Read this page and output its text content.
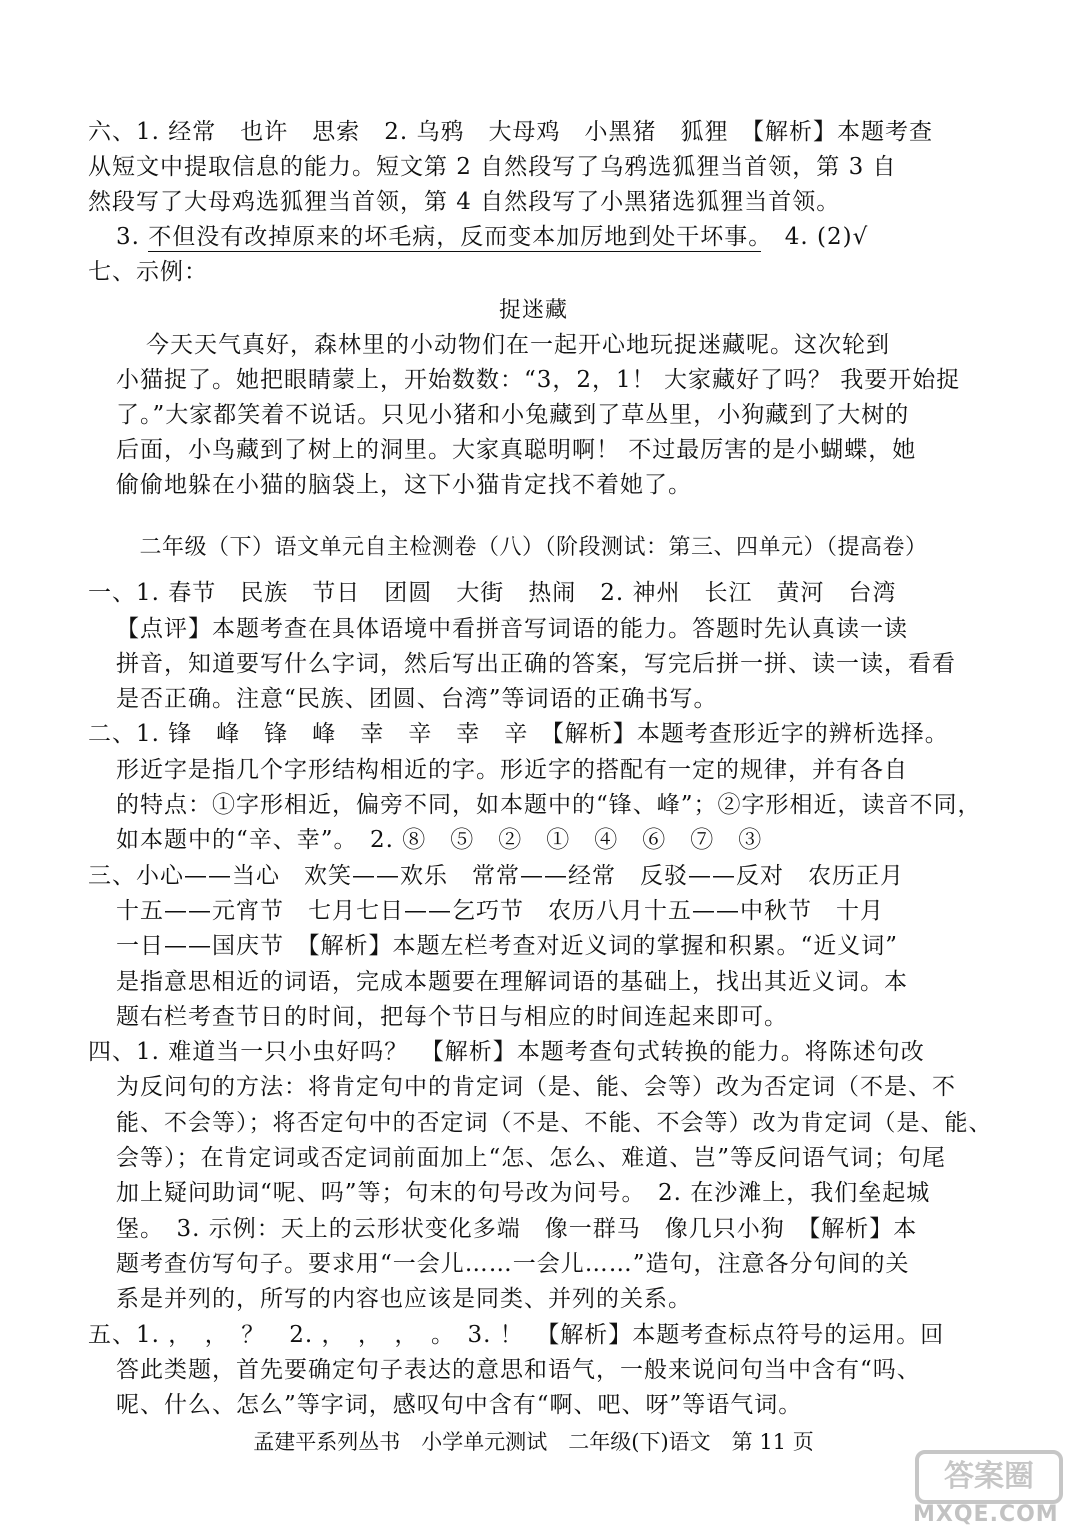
六、1. 经常　也许　思索　2. 乌鸦　大母鸡　小黑猪　狐狸　【解析】本题考查
从短文中提取信息的能力。短文第 2 自然段写了乌鸦选狐狸当首领，第 3 自
然段写了大母鸡选狐狸当首领，第 4 自然段写了小黑猪选狐狸当首领。
3. 不但没有改掉原来的坏毛病，反而变本加厉地到处干坏事。　4. (2)√
七、示例：
捉迷藏
今天天气真好，森林里的小动物们在一起开心地玩捉迷藏呢。这次轮到
小猫捉了。她把眼睛蒙上，开始数数：“3，2，1！ 大家藏好了吗？ 我要开始捉
了。”大家都笑着不说话。只见小猪和小兔藏到了草丛里，小狗藏到了大树的
后面，小鸟藏到了树上的洞里。大家真聪明啊！ 不过最厉害的是小蝴蝶，她
偷偷地躲在小猫的脑袋上，这下小猫肯定找不着她了。
二年级（下）语文单元自主检测卷（八）（阶段测试：第三、四单元）（提高卷）
一、1. 春节　民族　节日　团圆　大街　热闹　2. 神州　长江　黄河　台湾
【点评】本题考查在具体语境中看拼音写词语的能力。答题时先认真读一读
拼音，知道要写什么字词，然后写出正确的答案，写完后拼一拼、读一读，看看
是否正确。注意“民族、团圆、台湾”等词语的正确书写。
二、1. 锋　峰　锋　峰　幸　辛　幸　辛　【解析】本题考查形近字的辨析选择。
形近字是指几个字形结构相近的字。形近字的搭配有一定的规律，并有各自
的特点：①字形相近，偏旁不同，如本题中的“锋、峰”；②字形相近，读音不同，
如本题中的“辛、幸”。　2. ⑧　⑤　②　①　④　⑥　⑦　③
三、小心——当心　欢笑——欢乐　常常——经常　反驳——反对　农历正月
十五——元宵节　七月七日——乞巧节　农历八月十五——中秋节　十月
一日——国庆节　【解析】本题左栏考查对近义词的掌握和积累。“近义词”
是指意思相近的词语，完成本题要在理解词语的基础上，找出其近义词。本
题右栏考查节日的时间，把每个节日与相应的时间连起来即可。
四、1. 难道当一只小虫好吗？　【解析】本题考查句式转换的能力。将陈述句改
为反问句的方法：将肯定句中的肯定词（是、能、会等）改为否定词（不是、不
能、不会等）；将否定句中的否定词（不是、不能、不会等）改为肯定词（是、能、
会等）；在肯定词或否定词前面加上“怎、怎么、难道、岂”等反问语气词；句尾
加上疑问助词“呢、吗”等；句末的句号改为问号。　2. 在沙滩上，我们垒起城
堡。　3. 示例：天上的云形状变化多端　像一群马　像几只小狗　【解析】本
题考查仿写句子。要求用“一会儿……一会儿……”造句，注意各分句间的关
系是并列的，所写的内容也应该是同类、并列的关系。
五、1. ，　，　？　2. ，　，　，　。　3. ！　【解析】本题考查标点符号的运用。回
答此类题，首先要确定句子表达的意思和语气，一般来说问句当中含有“吗、
呢、什么、怎么”等字词，感叹句中含有“啊、吧、呀”等语气词。
孟建平系列丛书　小学单元测试　二年级(下)语文　第 11 页
答案圈
MXQE.COM
